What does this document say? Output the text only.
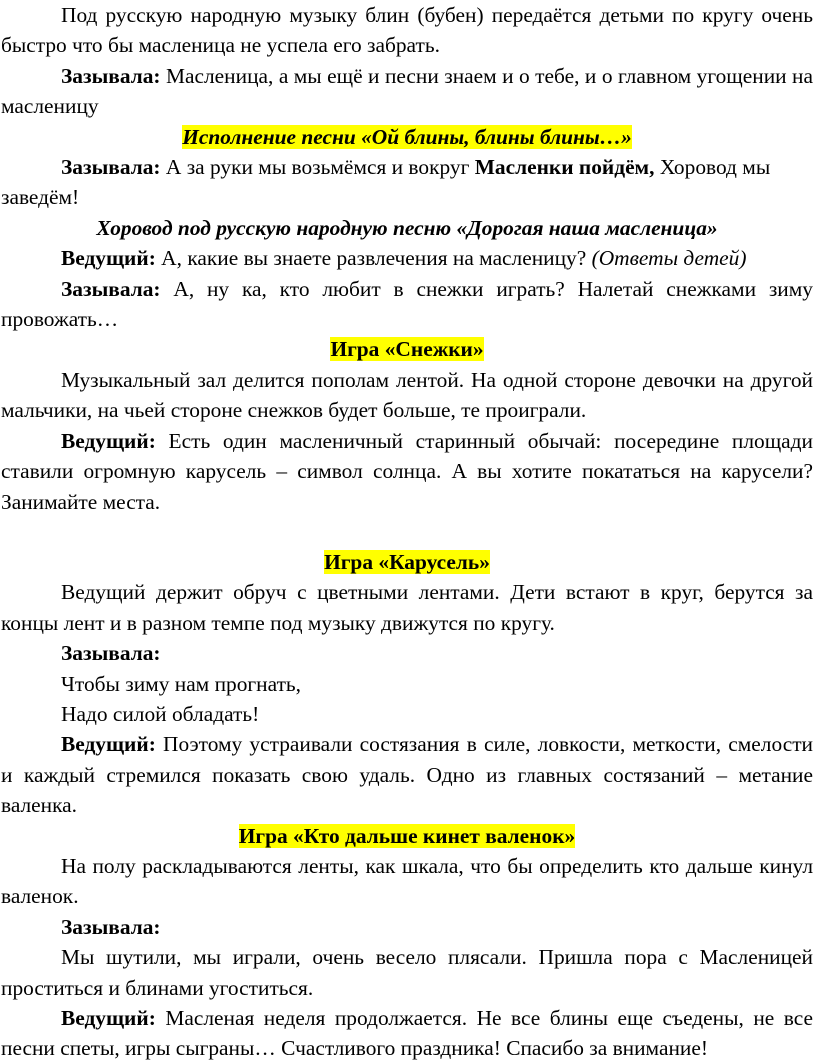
Под русскую народную музыку блин (бубен) передаётся детьми по кругу очень быстро что бы масленица не успела его забрать.

Зазывала: Масленица, а мы ещё и песни знаем и о тебе, и о главном угощении на масленицу

Исполнение песни «Ой блины, блины блины…»

Зазывала: А за руки мы возьмёмся и вокруг Масленки пойдём, Хоровод мы заведём!

Хоровод под русскую народную песню «Дорогая наша масленица»

Ведущий: А, какие вы знаете развлечения на масленицу? (Ответы детей)

Зазывала: А, ну ка, кто любит в снежки играть? Налетай снежками зиму провожать…

Игра «Снежки»

Музыкальный зал делится пополам лентой. На одной стороне девочки на другой мальчики, на чьей стороне снежков будет больше, те проиграли.

Ведущий: Есть один масленичный старинный обычай: посередине площади ставили огромную карусель – символ солнца. А вы хотите покататься на карусели? Занимайте места.

Игра «Карусель»

Ведущий держит обруч с цветными лентами. Дети встают в круг, берутся за концы лент и в разном темпе под музыку движутся по кругу.

Зазывала:

Чтобы зиму нам прогнать,

Надо силой обладать!

Ведущий: Поэтому устраивали состязания в силе, ловкости, меткости, смелости и каждый стремился показать свою удаль. Одно из главных состязаний – метание валенка.

Игра «Кто дальше кинет валенок»

На полу раскладываются ленты, как шкала, что бы определить кто дальше кинул валенок.

Зазывала:

Мы шутили, мы играли, очень весело плясали. Пришла пора с Масленицей проститься и блинами угоститься.

Ведущий: Масленая неделя продолжается. Не все блины еще съедены, не все песни спеты, игры сыграны… Счастливого праздника! Спасибо за внимание!
